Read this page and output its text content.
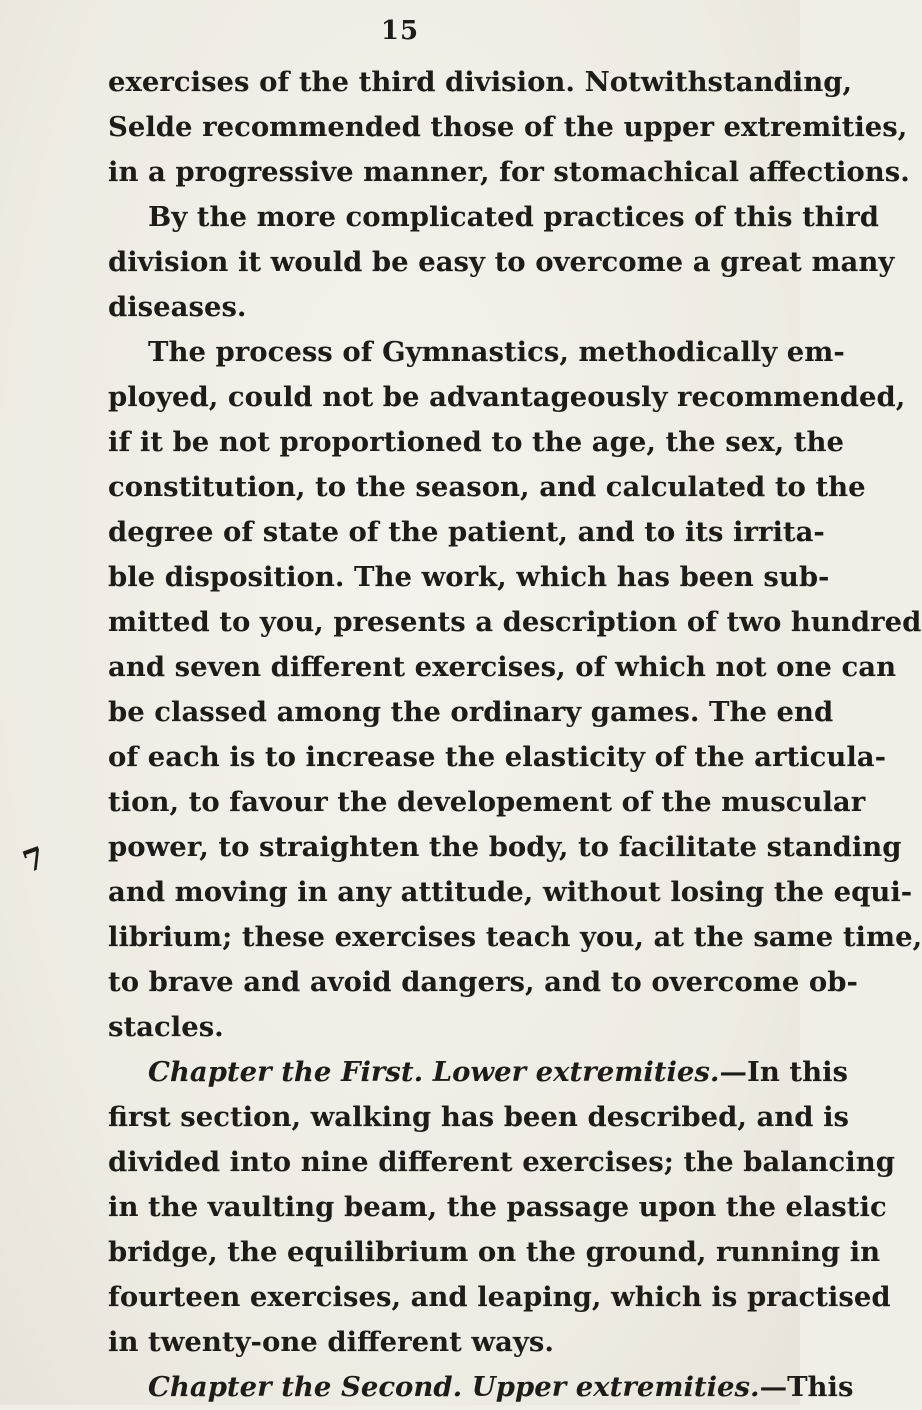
15
7
exercises of the third division. Notwithstanding,
Selde recommended those of the upper extremities,
in a progressive manner, for stomachical affections.
By the more complicated practices of this third
division it would be easy to overcome a great many
diseases.
The process of Gymnastics, methodically em-
ployed, could not be advantageously recommended,
if it be not proportioned to the age, the sex, the
constitution, to the season, and calculated to the
degree of state of the patient, and to its irrita-
ble disposition. The work, which has been sub-
mitted to you, presents a description of two hundred
and seven different exercises, of which not one can
be classed among the ordinary games. The end
of each is to increase the elasticity of the articula-
tion, to favour the developement of the muscular
power, to straighten the body, to facilitate standing
and moving in any attitude, without losing the equi-
librium; these exercises teach you, at the same time,
to brave and avoid dangers, and to overcome ob-
stacles.
Chapter the First. Lower extremities.—In this
first section, walking has been described, and is
divided into nine different exercises; the balancing
in the vaulting beam, the passage upon the elastic
bridge, the equilibrium on the ground, running in
fourteen exercises, and leaping, which is practised
in twenty-one different ways.
Chapter the Second. Upper extremities.—This
